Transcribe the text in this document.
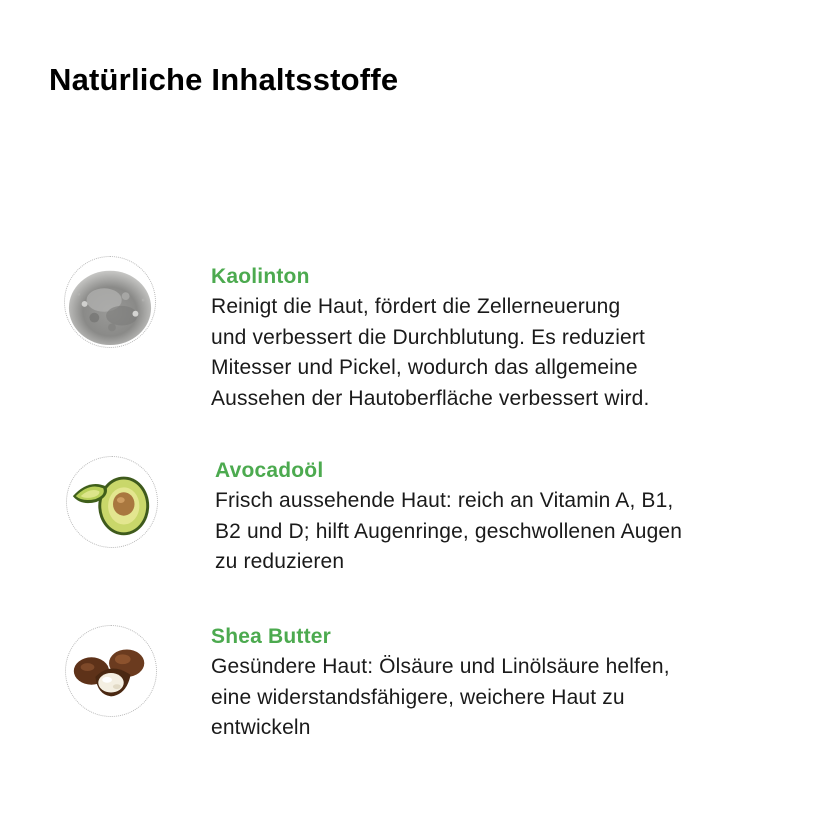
Natürliche Inhaltsstoffe
Kaolinton
Reinigt die Haut, fördert die Zellerneuerung
und verbessert die Durchblutung. Es reduziert
Mitesser und Pickel, wodurch das allgemeine
Aussehen der Hautoberfläche verbessert wird.
Avocadoöl
Frisch aussehende Haut: reich an Vitamin A, B1,
B2 und D; hilft Augenringe, geschwollenen Augen
zu reduzieren
Shea Butter
Gesündere Haut: Ölsäure und Linölsäure helfen,
eine widerstandsfähigere, weichere Haut zu
entwickeln
